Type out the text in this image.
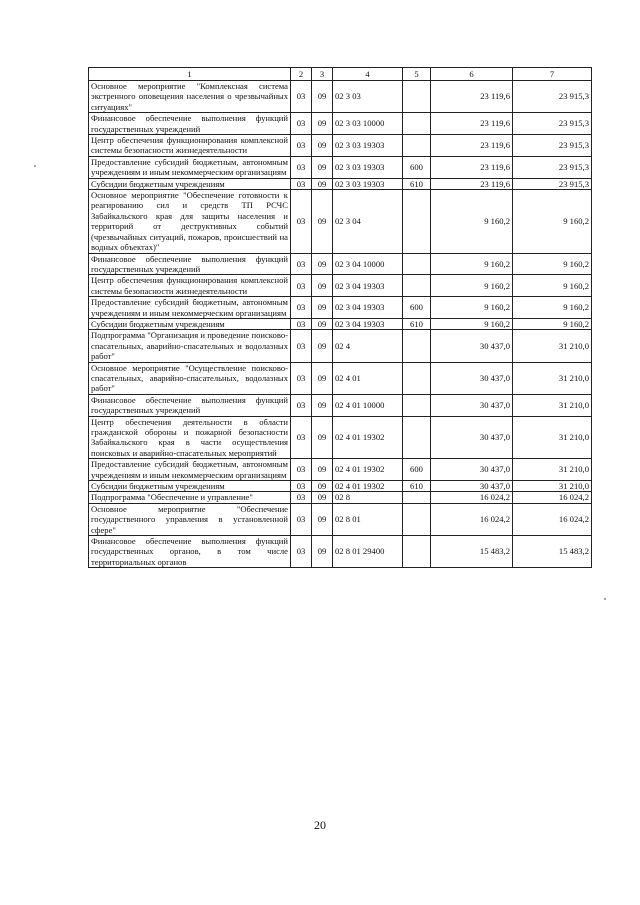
1	2	3	4	5	6	7
Основное мероприятие "Комплексная система экстренного оповещения населения о чрезвычайных ситуациях"	03	09	02 3 03		23 119,6	23 915,3
Финансовое обеспечение выполнения функций государственных учреждений	03	09	02 3 03 10000		23 119,6	23 915,3
Центр обеспечения функционирования комплексной системы безопасности жизнедеятельности	03	09	02 3 03 19303		23 119,6	23 915,3
Предоставление субсидий бюджетным, автономным учреждениям и иным некоммерческим организациям	03	09	02 3 03 19303	600	23 119,6	23 915,3
Субсидии бюджетным учреждениям	03	09	02 3 03 19303	610	23 119,6	23 915,3
Основное мероприятие "Обеспечение готовности к реагированию сил и средств ТП РСЧС Забайкальского края для защиты населения и территорий от деструктивных событий (чрезвычайных ситуаций, пожаров, происшествий на водных объектах)"	03	09	02 3 04		9 160,2	9 160,2
Финансовое обеспечение выполнения функций государственных учреждений	03	09	02 3 04 10000		9 160,2	9 160,2
Центр обеспечения функционирования комплексной системы безопасности жизнедеятельности	03	09	02 3 04 19303		9 160,2	9 160,2
Предоставление субсидий бюджетным, автономным учреждениям и иным некоммерческим организациям	03	09	02 3 04 19303	600	9 160,2	9 160,2
Субсидии бюджетным учреждениям	03	09	02 3 04 19303	610	9 160,2	9 160,2
Подпрограмма "Организация и проведение поисково-спасательных, аварийно-спасательных и водолазных работ"	03	09	02 4		30 437,0	31 210,0
Основное мероприятие "Осуществление поисково-спасательных, аварийно-спасательных, водолазных работ"	03	09	02 4 01		30 437,0	31 210,0
Финансовое обеспечение выполнения функций государственных учреждений	03	09	02 4 01 10000		30 437,0	31 210,0
Центр обеспечения деятельности в области гражданской обороны и пожарной безопасности Забайкальского края в части осуществления поисковых и аварийно-спасательных мероприятий	03	09	02 4 01 19302		30 437,0	31 210,0
Предоставление субсидий бюджетным, автономным учреждениям и иным некоммерческим организациям	03	09	02 4 01 19302	600	30 437,0	31 210,0
Субсидии бюджетным учреждениям	03	09	02 4 01 19302	610	30 437,0	31 210,0
Подпрограмма "Обеспечение и управление"	03	09	02 8		16 024,2	16 024,2
Основное мероприятие "Обеспечение государственного управления в установленной сфере"	03	09	02 8 01		16 024,2	16 024,2
Финансовое обеспечение выполнения функций государственных органов, в том числе территориальных органов	03	09	02 8 01 29400		15 483,2	15 483,2
20
